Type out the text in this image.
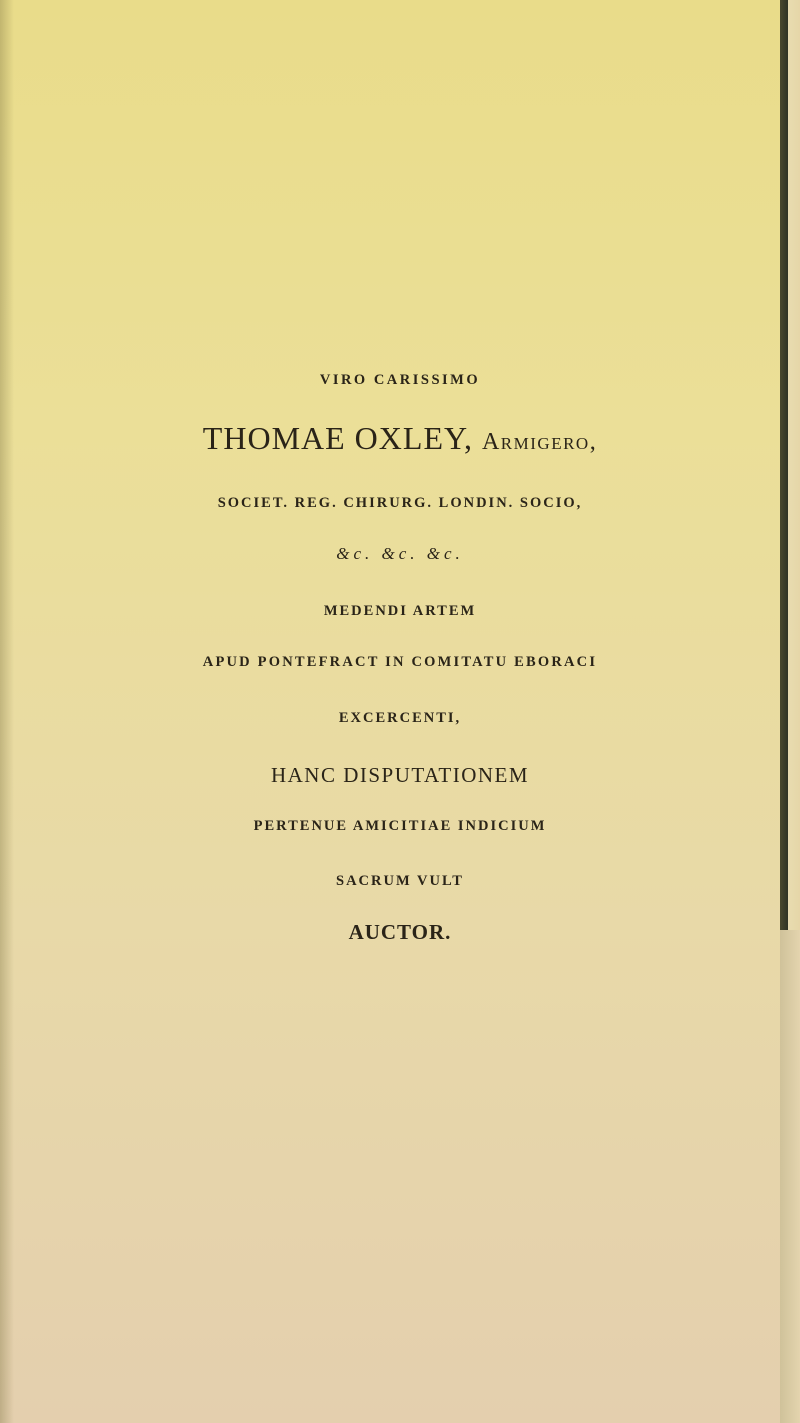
VIRO CARISSIMO
THOMAE OXLEY, Armigero,
SOCIET. REG. CHIRURG. LONDIN. SOCIO,
&c. &c. &c.
MEDENDI ARTEM
APUD PONTEFRACT IN COMITATU EBORACI
EXCERCENTI,
HANC DISPUTATIONEM
PERTENUE AMICITIAE INDICIUM
SACRUM VULT
AUCTOR.
